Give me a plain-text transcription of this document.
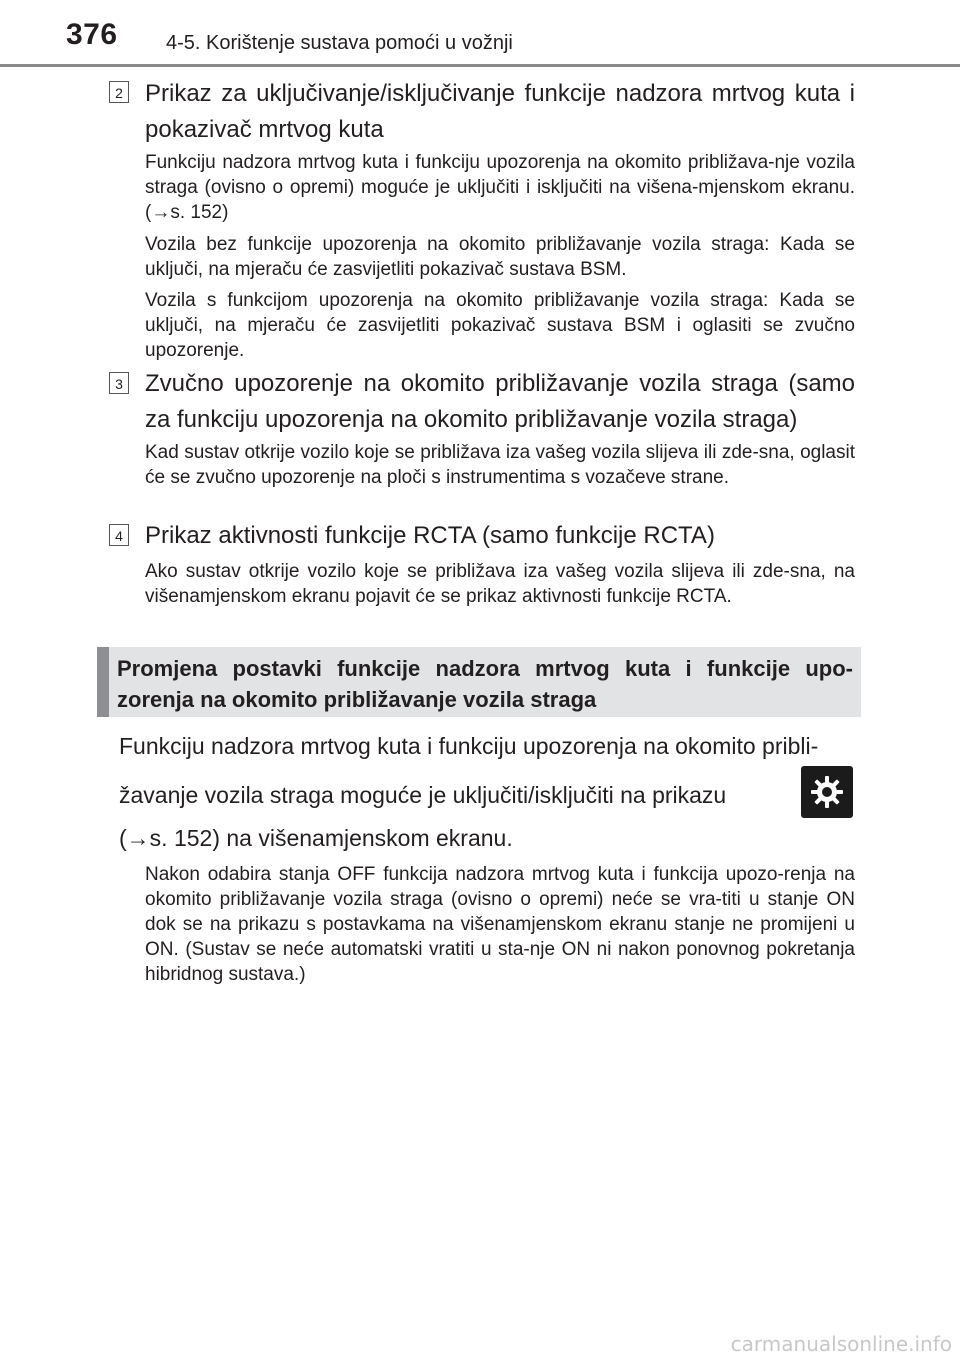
376 4-5. Korištenje sustava pomoći u vožnji
2 Prikaz za uključivanje/isključivanje funkcije nadzora mrtvog kuta i pokazivač mrtvog kuta

Funkciju nadzora mrtvog kuta i funkciju upozorenja na okomito približava-nje vozila straga (ovisno o opremi) moguće je uključiti i isključiti na višena-mjenskom ekranu. (→s. 152)

Vozila bez funkcije upozorenja na okomito približavanje vozila straga: Kada se uključi, na mjeraču će zasvijetliti pokazivač sustava BSM.

Vozila s funkcijom upozorenja na okomito približavanje vozila straga: Kada se uključi, na mjeraču će zasvijetliti pokazivač sustava BSM i oglasiti se zvučno upozorenje.

3 Zvučno upozorenje na okomito približavanje vozila straga (samo za funkciju upozorenja na okomito približavanje vozila straga)

Kad sustav otkrije vozilo koje se približava iza vašeg vozila slijeva ili zde-sna, oglasit će se zvučno upozorenje na ploči s instrumentima s vozačeve strane.

4 Prikaz aktivnosti funkcije RCTA (samo funkcije RCTA)

Ako sustav otkrije vozilo koje se približava iza vašeg vozila slijeva ili zde-sna, na višenamjenskom ekranu pojavit će se prikaz aktivnosti funkcije RCTA.

Promjena postavki funkcije nadzora mrtvog kuta i funkcije upo-zorenja na okomito približavanje vozila straga
Funkciju nadzora mrtvog kuta i funkciju upozorenja na okomito pribli-
žavanje vozila straga moguće je uključiti/isključiti na prikazu
(→s. 152) na višenamjenskom ekranu.

Nakon odabira stanja OFF funkcija nadzora mrtvog kuta i funkcija upozo-renja na okomito približavanje vozila straga (ovisno o opremi) neće se vra-titi u stanje ON dok se na prikazu s postavkama na višenamjenskom ekranu stanje ne promijeni u ON. (Sustav se neće automatski vratiti u sta-nje ON ni nakon ponovnog pokretanja hibridnog sustava.)

carmanualsonline.info
